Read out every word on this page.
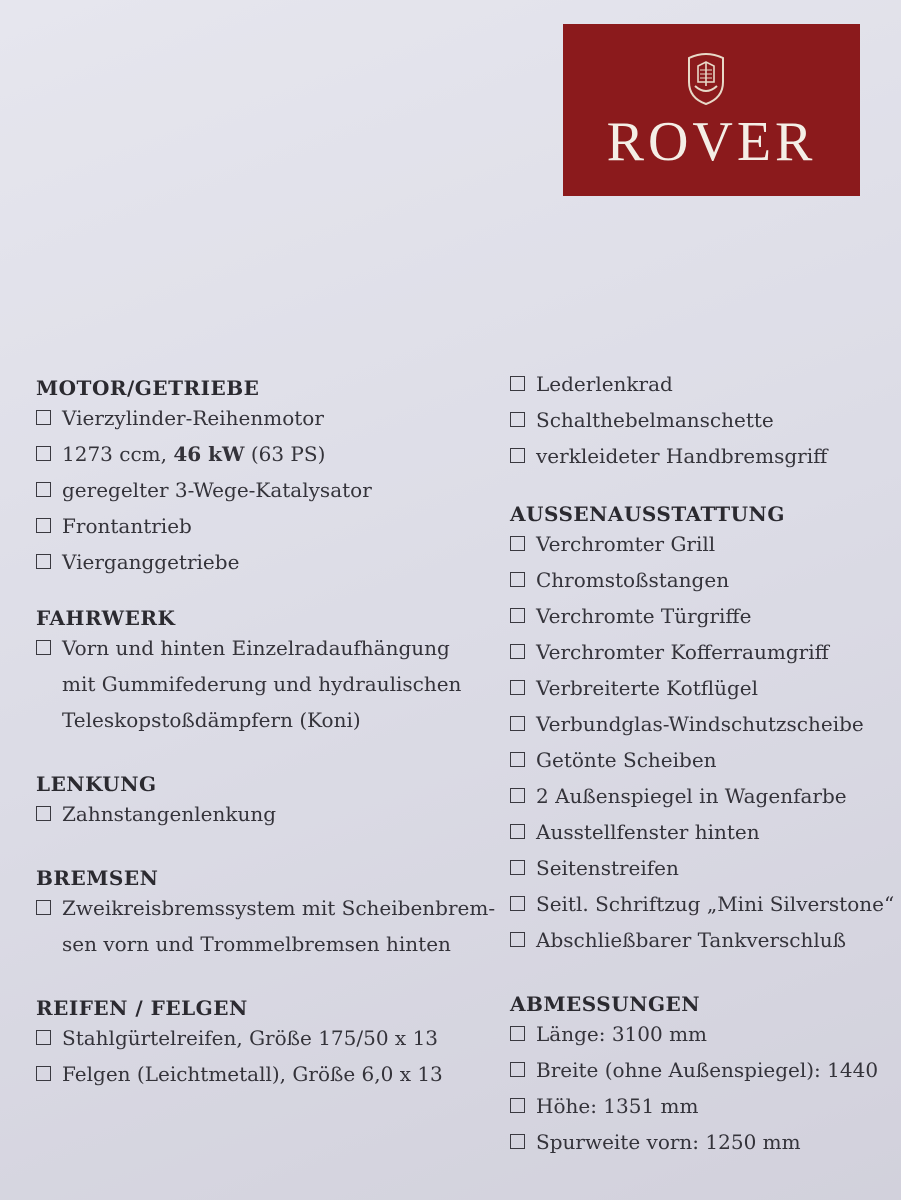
ROVER
MOTOR/GETRIEBE
Vierzylinder-Reihenmotor
1273 ccm, 46 kW (63 PS)
geregelter 3-Wege-Katalysator
Frontantrieb
Vierganggetriebe
FAHRWERK
Vorn und hinten Einzelradaufhängung
mit Gummifederung und hydraulischen
Teleskopstoßdämpfern (Koni)
LENKUNG
Zahnstangenlenkung
BREMSEN
Zweikreisbremssystem mit Scheibenbrem-
sen vorn und Trommelbremsen hinten
REIFEN / FELGEN
Stahlgürtelreifen, Größe 175/50 x 13
Felgen (Leichtmetall), Größe 6,0 x 13
Lederlenkrad
Schalthebelmanschette
verkleideter Handbremsgriff
AUSSENAUSSTATTUNG
Verchromter Grill
Chromstoßstangen
Verchromte Türgriffe
Verchromter Kofferraumgriff
Verbreiterte Kotflügel
Verbundglas-Windschutzscheibe
Getönte Scheiben
2 Außenspiegel in Wagenfarbe
Ausstellfenster hinten
Seitenstreifen
Seitl. Schriftzug „Mini Silverstone“
Abschließbarer Tankverschluß
ABMESSUNGEN
Länge: 3100 mm
Breite (ohne Außenspiegel): 1440
Höhe: 1351 mm
Spurweite vorn: 1250 mm
